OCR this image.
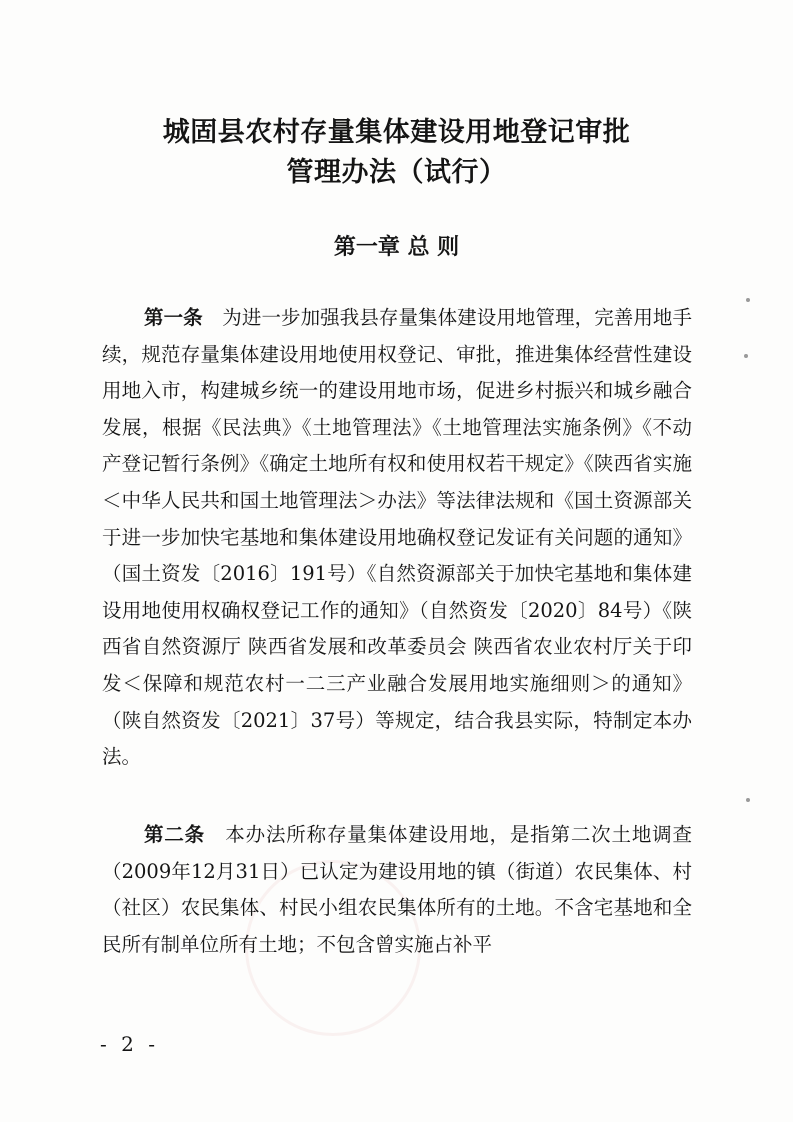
城固县农村存量集体建设用地登记审批
管理办法（试行）
第一章 总 则

第一条  为进一步加强我县存量集体建设用地管理，完善用地手续，规范存量集体建设用地使用权登记、审批，推进集体经营性建设用地入市，构建城乡统一的建设用地市场，促进乡村振兴和城乡融合发展，根据《民法典》《土地管理法》《土地管理法实施条例》《不动产登记暂行条例》《确定土地所有权和使用权若干规定》《陕西省实施＜中华人民共和国土地管理法＞办法》等法律法规和《国土资源部关于进一步加快宅基地和集体建设用地确权登记发证有关问题的通知》（国土资发〔2016〕191号）《自然资源部关于加快宅基地和集体建设用地使用权确权登记工作的通知》（自然资发〔2020〕84号）《陕西省自然资源厅 陕西省发展和改革委员会 陕西省农业农村厅关于印发＜保障和规范农村一二三产业融合发展用地实施细则＞的通知》（陕自然资发〔2021〕37号）等规定，结合我县实际，特制定本办法。

第二条  本办法所称存量集体建设用地，是指第二次土地调查（2009年12月31日）已认定为建设用地的镇（街道）农民集体、村（社区）农民集体、村民小组农民集体所有的土地。不含宅基地和全民所有制单位所有土地；不包含曾实施占补平

- 2 -
